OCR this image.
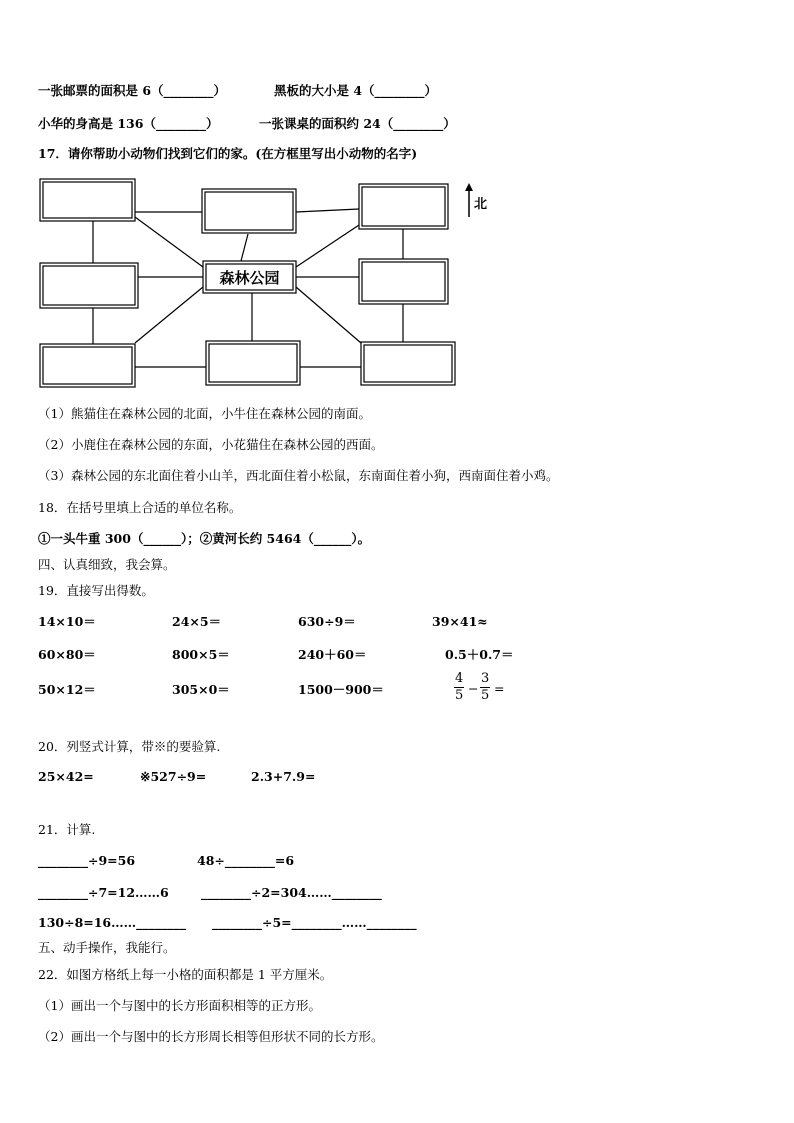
一张邮票的面积是 6（________）	黑板的大小是 4（________）
小华的身高是 136（________）	一张课桌的面积约 24（________）
17．请你帮助小动物们找到它们的家。(在方框里写出小动物的名字)
森林公园
北
（1）熊猫住在森林公园的北面，小牛住在森林公园的南面。
（2）小鹿住在森林公园的东面，小花猫住在森林公园的西面。
（3）森林公园的东北面住着小山羊，西北面住着小松鼠，东南面住着小狗，西南面住着小鸡。
18．在括号里填上合适的单位名称。
①一头牛重 300（______）；②黄河长约 5464（______）。
四、认真细致，我会算。
19．直接写出得数。
14×10＝	24×5＝	630÷9＝	39×41≈
60×80＝	800×5＝	240＋60＝	0.5＋0.7＝
50×12＝	305×0＝	1500－900＝	$\frac{4}{5} - \frac{3}{5}$ =
20．列竖式计算，带※的要验算.
25×42=	※527÷9=	2.3+7.9=
21．计算.
________÷9=56	48÷________=6
________÷7=12……6	________÷2=304……________
130÷8=16……________ ________÷5=________……________
五、动手操作，我能行。
22．如图方格纸上每一小格的面积都是 1 平方厘米。
（1）画出一个与图中的长方形面积相等的正方形。
（2）画出一个与图中的长方形周长相等但形状不同的长方形。
